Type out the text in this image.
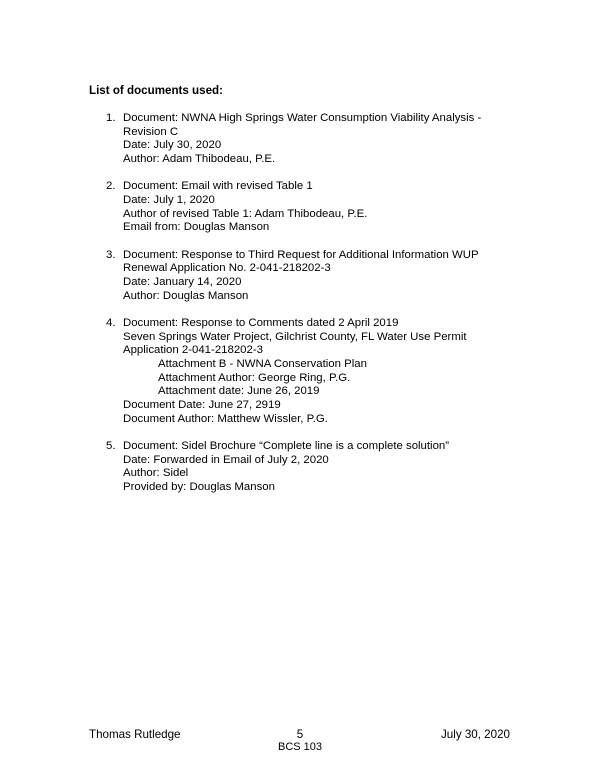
List of documents used:
1. Document: NWNA High Springs Water Consumption Viability Analysis -
Revision C
Date: July 30, 2020
Author: Adam Thibodeau, P.E.
2. Document: Email with revised Table 1
Date: July 1, 2020
Author of revised Table 1: Adam Thibodeau, P.E.
Email from: Douglas Manson
3. Document: Response to Third Request for Additional Information WUP
Renewal Application No. 2-041-218202-3
Date: January 14, 2020
Author: Douglas Manson
4. Document: Response to Comments dated 2 April 2019
Seven Springs Water Project, Gilchrist County, FL Water Use Permit
Application 2-041-218202-3
Attachment B - NWNA Conservation Plan
Attachment Author: George Ring, P.G.
Attachment date: June 26, 2019
Document Date: June 27, 2919
Document Author: Matthew Wissler, P.G.
5. Document: Sidel Brochure “Complete line is a complete solution”
Date: Forwarded in Email of July 2, 2020
Author: Sidel
Provided by: Douglas Manson
Thomas Rutledge	5	July 30, 2020
BCS 103
